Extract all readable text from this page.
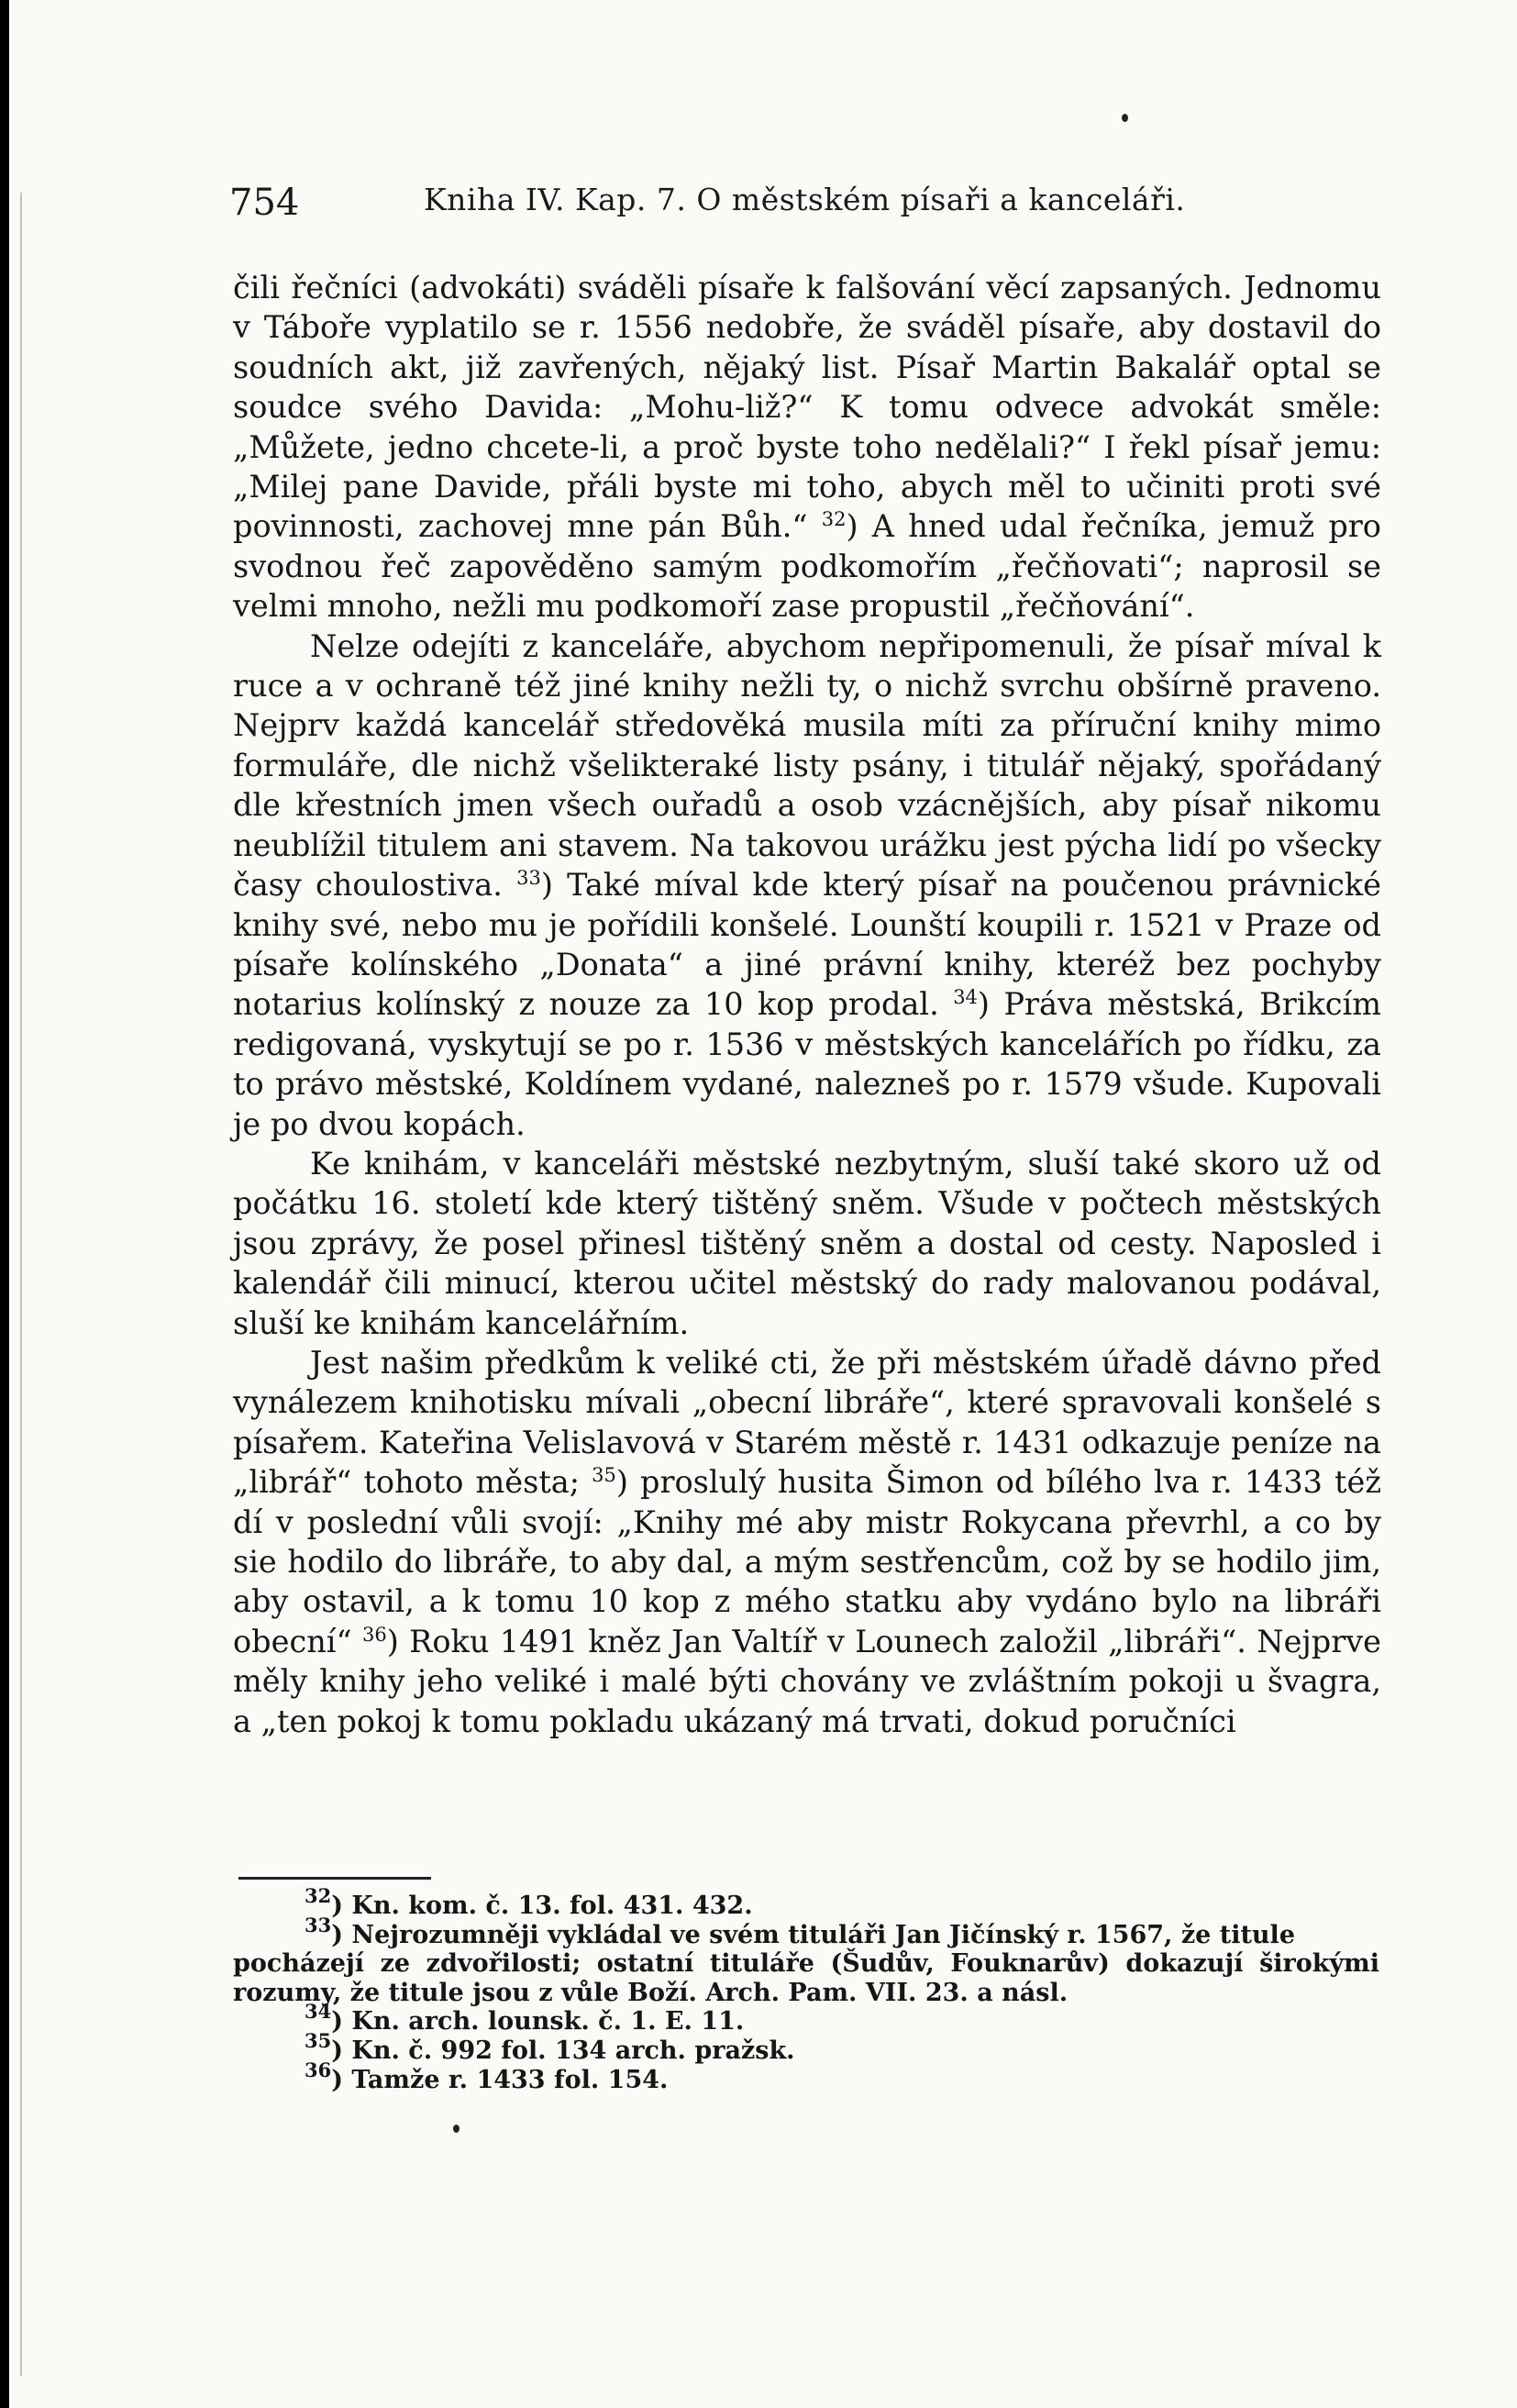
754	Kniha IV. Kap. 7. O městském písaři a kanceláři.

čili řečníci (advokáti) sváděli písaře k falšování věcí zapsaných. Jednomu v Táboře vyplatilo se r. 1556 nedobře, že sváděl písaře, aby dostavil do soudních akt, již zavřených, nějaký list. Písař Martin Bakalář optal se soudce svého Davida: „Mohu-liž?“ K tomu odvece advokát směle: „Můžete, jedno chcete-li, a proč byste toho nedělali?“ I řekl písař jemu: „Milej pane Davide, přáli byste mi toho, abych měl to učiniti proti své povinnosti, zachovej mne pán Bůh.“ $^{32}$) A hned udal řečníka, jemuž pro svodnou řeč zapověděno samým podkomořím „řečňovati“; naprosil se velmi mnoho, nežli mu podkomoří zase propustil „řečňování“.

Nelze odejíti z kanceláře, abychom nepřipomenuli, že písař míval k ruce a v ochraně též jiné knihy nežli ty, o nichž svrchu obšírně praveno. Nejprv každá kancelář středověká musila míti za příruční knihy mimo formuláře, dle nichž všelikteraké listy psány, i titulář nějaký, spořádaný dle křestních jmen všech ouřadů a osob vzácnějších, aby písař nikomu neublížil titulem ani stavem. Na takovou urážku jest pýcha lidí po všecky časy choulostiva. $^{33}$) Také míval kde který písař na poučenou právnické knihy své, nebo mu je pořídili konšelé. Lounští koupili r. 1521 v Praze od písaře kolínského „Donata“ a jiné právní knihy, kteréž bez pochyby notarius kolínský z nouze za 10 kop prodal. $^{34}$) Práva městská, Brikcím redigovaná, vyskytují se po r. 1536 v městských kancelářích po řídku, za to právo městské, Koldínem vydané, nalezneš po r. 1579 všude. Kupovali je po dvou kopách.

Ke knihám, v kanceláři městské nezbytným, sluší také skoro už od počátku 16. století kde který tištěný sněm. Všude v počtech městských jsou zprávy, že posel přinesl tištěný sněm a dostal od cesty. Naposled i kalendář čili minucí, kterou učitel městský do rady malovanou podával, sluší ke knihám kancelářním.

Jest našim předkům k veliké cti, že při městském úřadě dávno před vynálezem knihotisku mívali „obecní libráře“, které spravovali konšelé s písařem. Kateřina Velislavová v Starém městě r. 1431 odkazuje peníze na „librář“ tohoto města; $^{35}$) proslulý husita Šimon od bílého lva r. 1433 též dí v poslední vůli svojí: „Knihy mé aby mistr Rokycana převrhl, a co by sie hodilo do libráře, to aby dal, a mým sestřencům, což by se hodilo jim, aby ostavil, a k tomu 10 kop z mého statku aby vydáno bylo na libráři obecní“ $^{36}$) Roku 1491 kněz Jan Valtíř v Lounech založil „libráři“. Nejprve měly knihy jeho veliké i malé býti chovány ve zvláštním pokoji u švagra, a „ten pokoj k tomu pokladu ukázaný má trvati, dokud poručníci

$^{32}$) Kn. kom. č. 13. fol. 431. 432.

$^{33}$) Nejrozumněji vykládal ve svém tituláři Jan Jičínský r. 1567, že titule

pocházejí ze zdvořilosti; ostatní tituláře (Šudův, Fouknarův) dokazují širokými rozumy, že titule jsou z vůle Boží. Arch. Pam. VII. 23. a násl.

$^{34}$) Kn. arch. lounsk. č. 1. E. 11.

$^{35}$) Kn. č. 992 fol. 134 arch. pražsk.

$^{36}$) Tamže r. 1433 fol. 154.
